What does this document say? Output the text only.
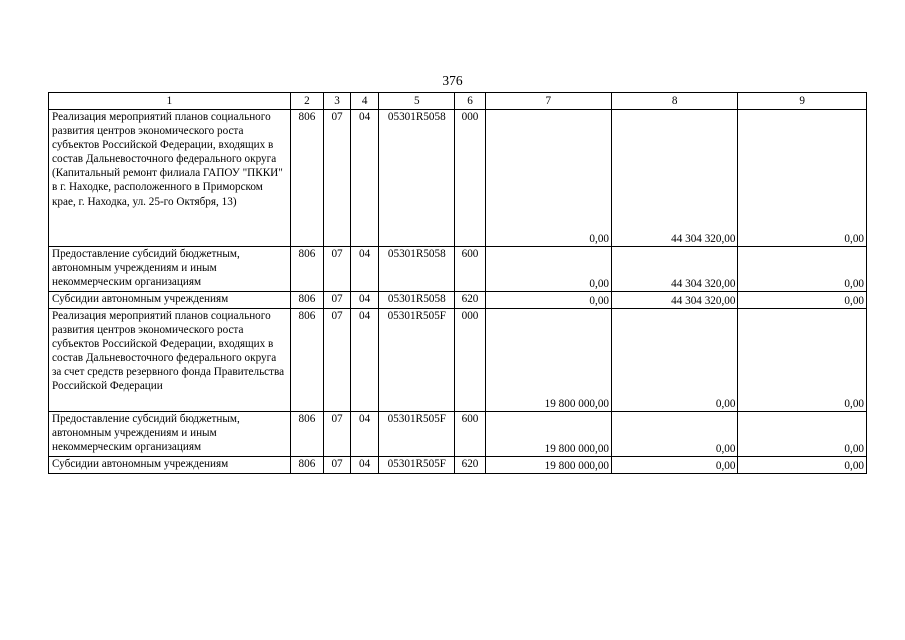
376
1	2	3	4	5	6	7	8	9
Реализация мероприятий планов социального развития центров экономического роста субъектов Российской Федерации, входящих в состав Дальневосточного федерального округа (Капитальный ремонт филиала ГАПОУ "ПККИ" в г. Находке, расположенного в Приморском крае, г. Находка, ул. 25-го Октября, 13)	806	07	04	05301R5058	000	0,00	44 304 320,00	0,00
Предоставление субсидий бюджетным, автономным учреждениям и иным некоммерческим организациям	806	07	04	05301R5058	600	0,00	44 304 320,00	0,00
Субсидии автономным учреждениям	806	07	04	05301R5058	620	0,00	44 304 320,00	0,00
Реализация мероприятий планов социального развития центров экономического роста субъектов Российской Федерации, входящих в состав Дальневосточного федерального округа за счет средств резервного фонда Правительства Российской Федерации	806	07	04	05301R505F	000	19 800 000,00	0,00	0,00
Предоставление субсидий бюджетным, автономным учреждениям и иным некоммерческим организациям	806	07	04	05301R505F	600	19 800 000,00	0,00	0,00
Субсидии автономным учреждениям	806	07	04	05301R505F	620	19 800 000,00	0,00	0,00
